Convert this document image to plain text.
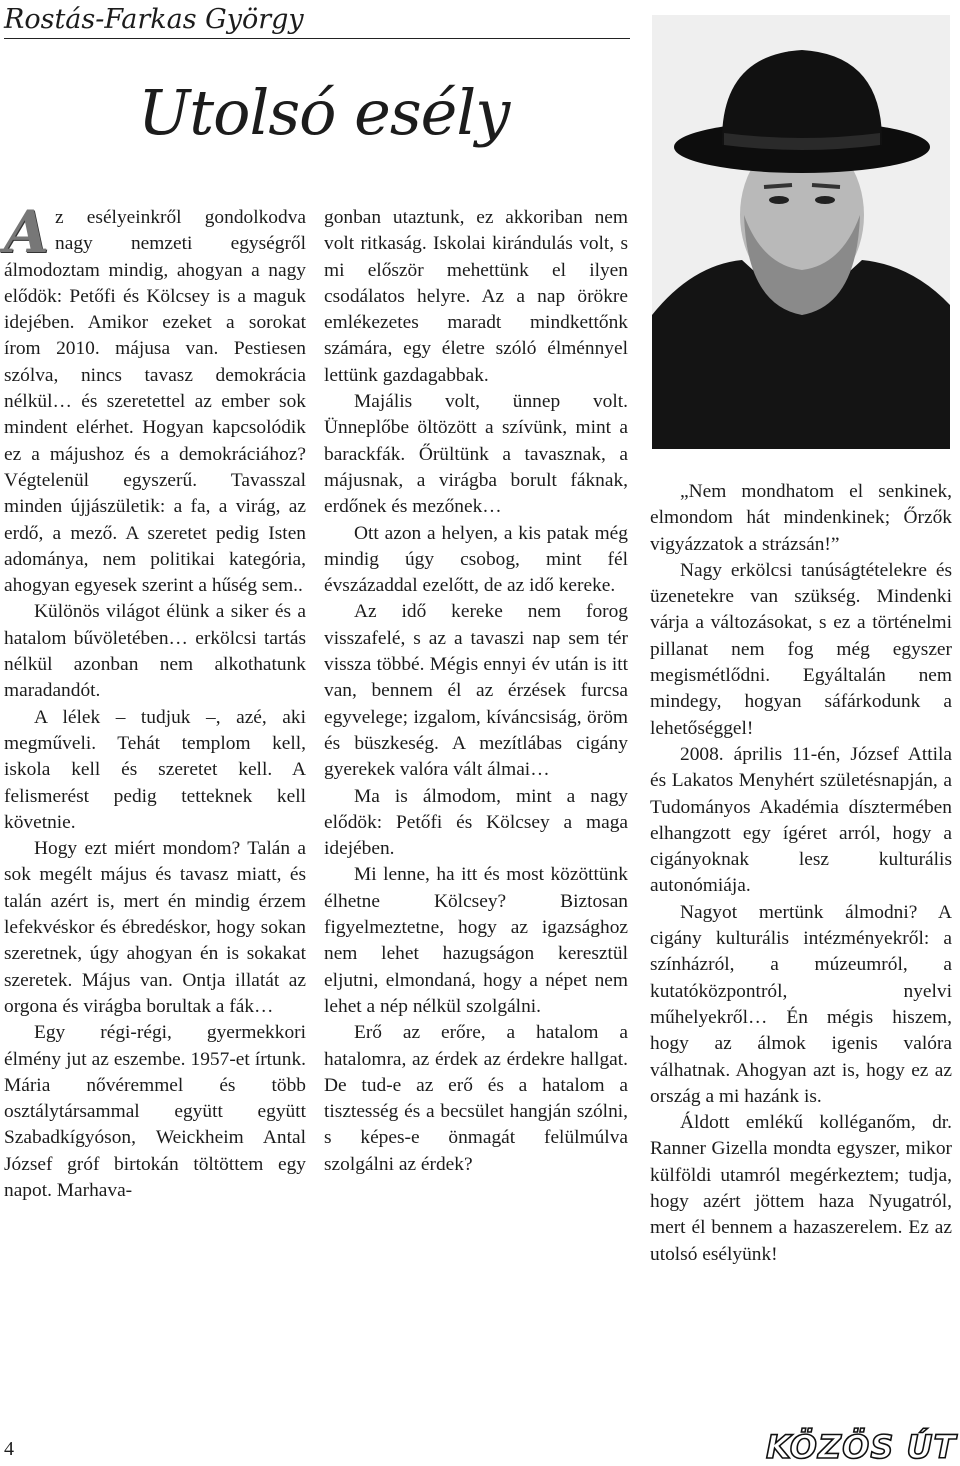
Rostás-Farkas György
Utolsó esély

Az esélyeinkről gondolkodva nagy nemzeti egységről álmodoztam mindig, ahogyan a nagy elődök: Petőfi és Kölcsey is a maguk idejében. Amikor ezeket a sorokat írom 2010. májusa van. Pestiesen szólva, nincs tavasz demokrácia nélkül… és szeretettel az ember sok mindent elérhet. Hogyan kapcsolódik ez a májushoz és a demokráciához? Végtelenül egyszerű. Tavasszal minden újjászületik: a fa, a virág, az erdő, a mező. A szeretet pedig Isten adománya, nem politikai kategória, ahogyan egyesek szerint a hűség sem..

Különös világot élünk a siker és a hatalom bűvöletében… erkölcsi tartás nélkül azonban nem alkothatunk maradandót.

A lélek – tudjuk –, azé, aki megműveli. Tehát templom kell, iskola kell és szeretet kell. A felismerést pedig tetteknek kell követnie.

Hogy ezt miért mondom? Talán a sok megélt május és tavasz miatt, és talán azért is, mert én mindig érzem lefekvéskor és ébredéskor, hogy sokan szeretnek, úgy ahogyan én is sokakat szeretek. Május van. Ontja illatát az orgona és virágba borultak a fák…

Egy régi-régi, gyermekkori élmény jut az eszembe. 1957-et írtunk. Mária nővéremmel és több osztálytársammal együtt együtt Szabadkígyóson, Weickheim Antal József gróf birtokán töltöttem egy napot. Marhava-

gonban utaztunk, ez akkoriban nem volt ritkaság. Iskolai kirándulás volt, s mi először mehettünk el ilyen csodálatos helyre. Az a nap örökre emlékezetes maradt mindkettőnk számára, egy életre szóló élménnyel lettünk gazdagabbak.

Majális volt, ünnep volt. Ünneplőbe öltözött a szívünk, mint a barackfák. Őrültünk a tavasznak, a májusnak, a virágba borult fáknak, erdőnek és mezőnek…

Ott azon a helyen, a kis patak még mindig úgy csobog, mint fél évszázaddal ezelőtt, de az idő kereke.

Az idő kereke nem forog visszafelé, s az a tavaszi nap sem tér vissza többé. Mégis ennyi év után is itt van, bennem él az érzések furcsa egyvelege; izgalom, kíváncsiság, öröm és büszkeség. A mezítlábas cigány gyerekek valóra vált álmai…

Ma is álmodom, mint a nagy elődök: Petőfi és Kölcsey a maga idejében.

Mi lenne, ha itt és most közöttünk élhetne Kölcsey? Biztosan figyelmeztetne, hogy az igazsághoz nem lehet hazugságon keresztül eljutni, elmondaná, hogy a népet nem lehet a nép nélkül szolgálni.

Erő az erőre, a hatalom a hatalomra, az érdek az érdekre hallgat. De tud-e az erő és a hatalom a tisztesség és a becsület hangján szólni, s képes-e önmagát felülmúlva szolgálni az érdek?

„Nem mondhatom el senkinek, elmondom hát mindenkinek; Őrzők vigyázzatok a strázsán!”

Nagy erkölcsi tanúságtételekre és üzenetekre van szükség. Mindenki várja a változásokat, s ez a történelmi pillanat nem fog még egyszer megismétlődni. Egyáltalán nem mindegy, hogyan sáfárkodunk a lehetőséggel!

2008. április 11-én, József Attila és Lakatos Menyhért születésnapján, a Tudományos Akadémia dísztermében elhangzott egy ígéret arról, hogy a cigányoknak lesz kulturális autonómiája.

Nagyot mertünk álmodni? A cigány kulturális intézményekről: a színházról, a múzeumról, a kutatóközpontról, nyelvi műhelyekről… Én mégis hiszem, hogy az álmok igenis valóra válhatnak. Ahogyan azt is, hogy ez az ország a mi hazánk is.

Áldott emlékű kolléganőm, dr. Ranner Gizella mondta egyszer, mikor külföldi utamról megérkeztem; tudja, hogy azért jöttem haza Nyugatról, mert él bennem a hazaszerelem. Ez az utolsó esélyünk!

4	KÖZÖS ÚT
